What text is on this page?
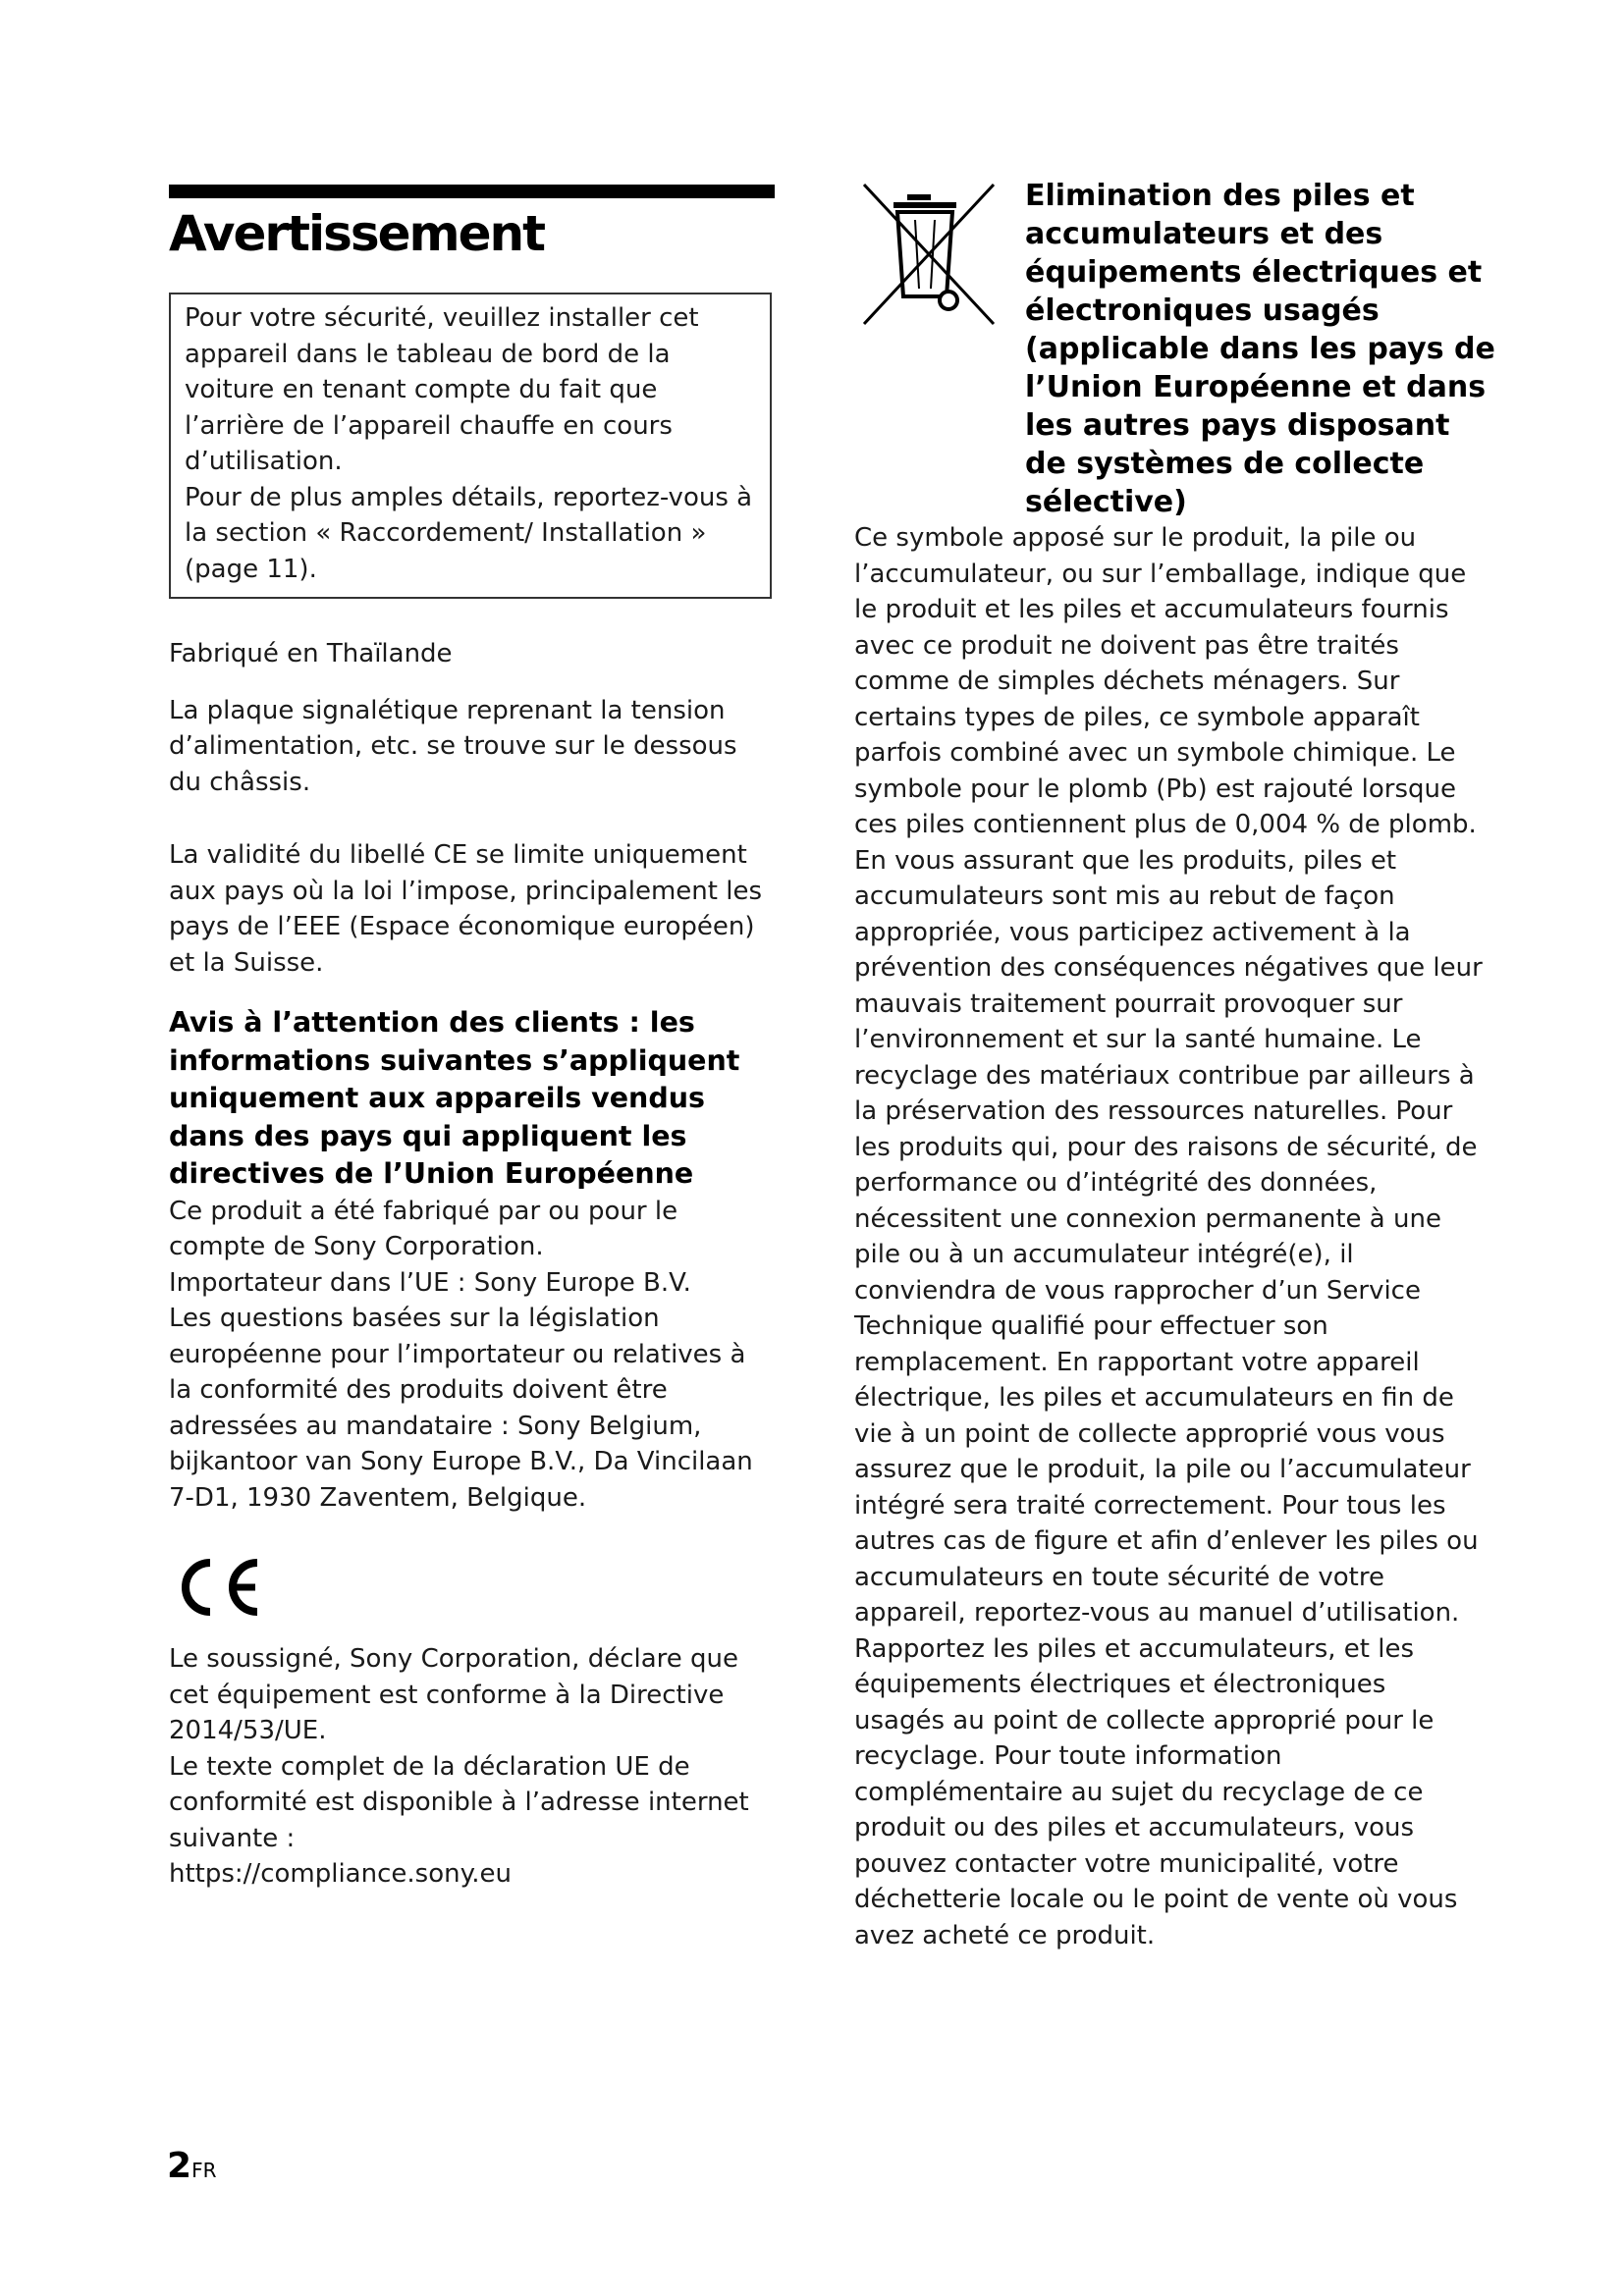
Avertissement

Pour votre sécurité, veuillez installer cet appareil dans le tableau de bord de la voiture en tenant compte du fait que l’arrière de l’appareil chauffe en cours d’utilisation.

Pour de plus amples détails, reportez-vous à la section « Raccordement/ Installation » (page 11).

Fabriqué en Thaïlande

La plaque signalétique reprenant la tension d’alimentation, etc. se trouve sur le dessous du châssis.

La validité du libellé CE se limite uniquement aux pays où la loi l’impose, principalement les pays de l’EEE (Espace économique européen) et la Suisse.

Avis à l’attention des clients : les informations suivantes s’appliquent uniquement aux appareils vendus dans des pays qui appliquent les directives de l’Union Européenne

Ce produit a été fabriqué par ou pour le compte de Sony Corporation.

Importateur dans l’UE : Sony Europe B.V.

Les questions basées sur la législation européenne pour l’importateur ou relatives à la conformité des produits doivent être adressées au mandataire : Sony Belgium, bijkantoor van Sony Europe B.V., Da Vincilaan 7-D1, 1930 Zaventem, Belgique.

Le soussigné, Sony Corporation, déclare que cet équipement est conforme à la Directive 2014/53/UE.

Le texte complet de la déclaration UE de conformité est disponible à l’adresse internet suivante :

https://compliance.sony.eu

Elimination des piles et accumulateurs et des équipements électriques et électroniques usagés (applicable dans les pays de l’Union Européenne et dans les autres pays disposant de systèmes de collecte sélective)

Ce symbole apposé sur le produit, la pile ou l’accumulateur, ou sur l’emballage, indique que le produit et les piles et accumulateurs fournis avec ce produit ne doivent pas être traités comme de simples déchets ménagers. Sur certains types de piles, ce symbole apparaît parfois combiné avec un symbole chimique. Le symbole pour le plomb (Pb) est rajouté lorsque ces piles contiennent plus de 0,004 % de plomb. En vous assurant que les produits, piles et accumulateurs sont mis au rebut de façon appropriée, vous participez activement à la prévention des conséquences négatives que leur mauvais traitement pourrait provoquer sur l’environnement et sur la santé humaine. Le recyclage des matériaux contribue par ailleurs à la préservation des ressources naturelles. Pour les produits qui, pour des raisons de sécurité, de performance ou d’intégrité des données, nécessitent une connexion permanente à une pile ou à un accumulateur intégré(e), il conviendra de vous rapprocher d’un Service Technique qualifié pour effectuer son remplacement. En rapportant votre appareil électrique, les piles et accumulateurs en fin de vie à un point de collecte approprié vous vous assurez que le produit, la pile ou l’accumulateur intégré sera traité correctement. Pour tous les autres cas de figure et afin d’enlever les piles ou accumulateurs en toute sécurité de votre appareil, reportez-vous au manuel d’utilisation. Rapportez les piles et accumulateurs, et les équipements électriques et électroniques usagés au point de collecte approprié pour le recyclage. Pour toute information complémentaire au sujet du recyclage de ce produit ou des piles et accumulateurs, vous pouvez contacter votre municipalité, votre déchetterie locale ou le point de vente où vous avez acheté ce produit.

2FR
